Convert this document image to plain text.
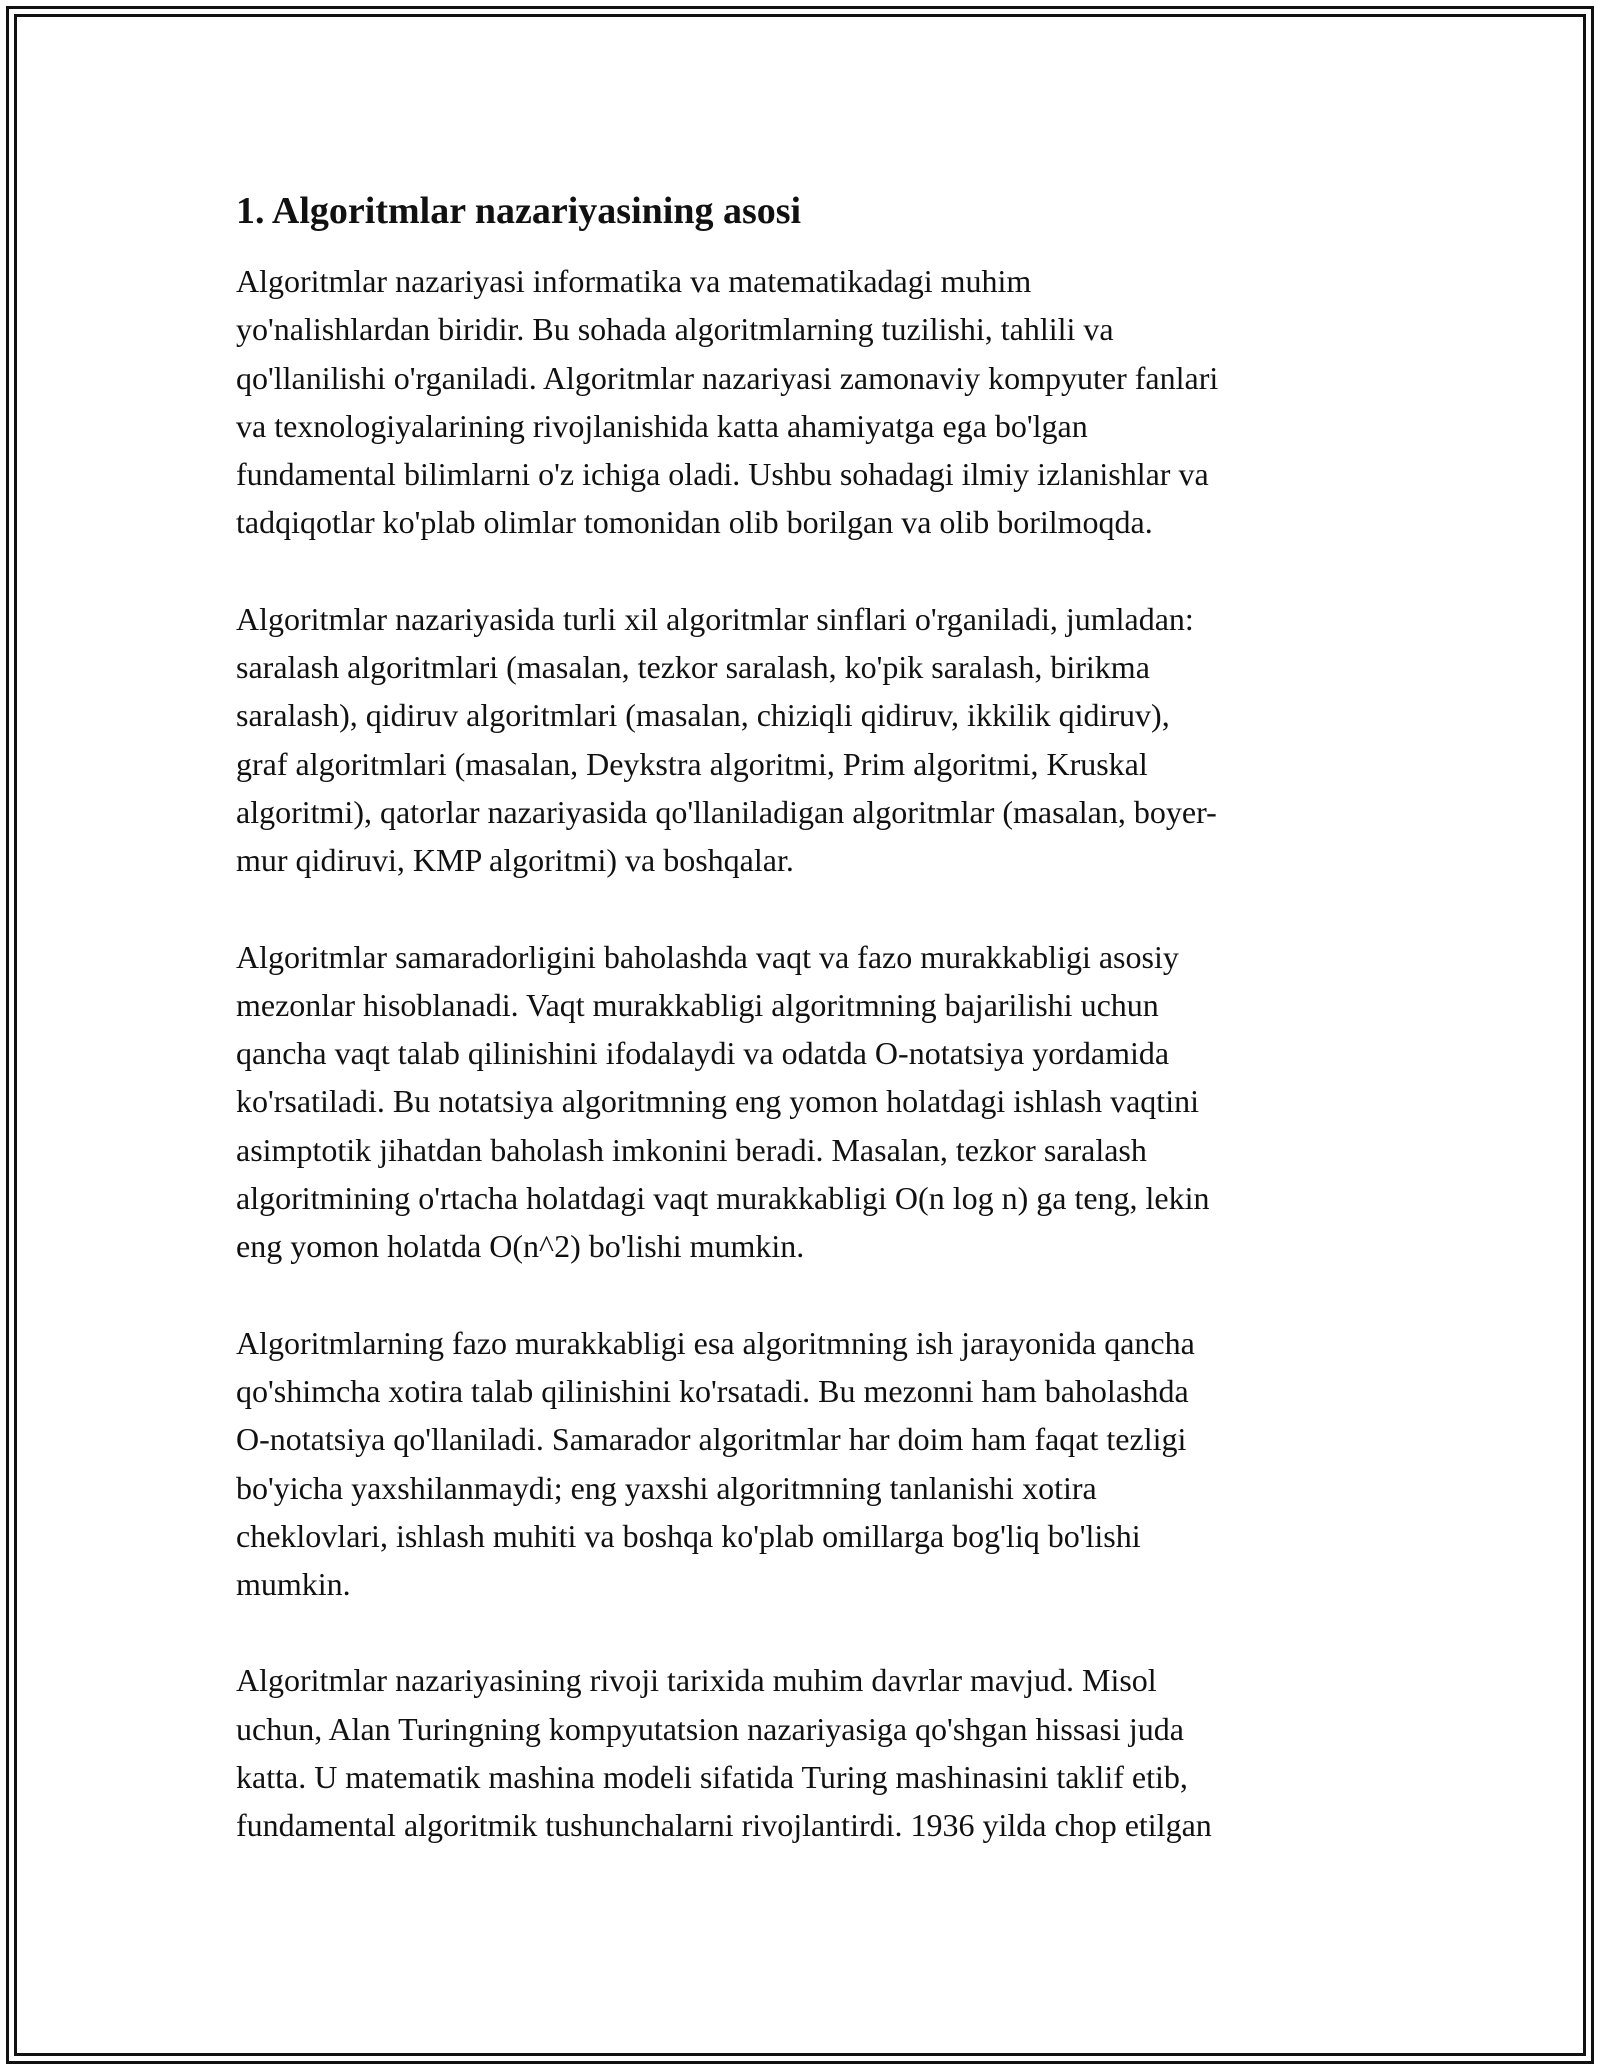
1. Algoritmlar nazariyasining asosi

Algoritmlar nazariyasi informatika va matematikadagi muhim
yo'nalishlardan biridir. Bu sohada algoritmlarning tuzilishi, tahlili va
qo'llanilishi o'rganiladi. Algoritmlar nazariyasi zamonaviy kompyuter fanlari
va texnologiyalarining rivojlanishida katta ahamiyatga ega bo'lgan
fundamental bilimlarni o'z ichiga oladi. Ushbu sohadagi ilmiy izlanishlar va
tadqiqotlar ko'plab olimlar tomonidan olib borilgan va olib borilmoqda.

Algoritmlar nazariyasida turli xil algoritmlar sinflari o'rganiladi, jumladan:
saralash algoritmlari (masalan, tezkor saralash, ko'pik saralash, birikma
saralash), qidiruv algoritmlari (masalan, chiziqli qidiruv, ikkilik qidiruv),
graf algoritmlari (masalan, Deykstra algoritmi, Prim algoritmi, Kruskal
algoritmi), qatorlar nazariyasida qo'llaniladigan algoritmlar (masalan, boyer-
mur qidiruvi, KMP algoritmi) va boshqalar.

Algoritmlar samaradorligini baholashda vaqt va fazo murakkabligi asosiy
mezonlar hisoblanadi. Vaqt murakkabligi algoritmning bajarilishi uchun
qancha vaqt talab qilinishini ifodalaydi va odatda O-notatsiya yordamida
ko'rsatiladi. Bu notatsiya algoritmning eng yomon holatdagi ishlash vaqtini
asimptotik jihatdan baholash imkonini beradi. Masalan, tezkor saralash
algoritmining o'rtacha holatdagi vaqt murakkabligi O(n log n) ga teng, lekin
eng yomon holatda O(n^2) bo'lishi mumkin.

Algoritmlarning fazo murakkabligi esa algoritmning ish jarayonida qancha
qo'shimcha xotira talab qilinishini ko'rsatadi. Bu mezonni ham baholashda
O-notatsiya qo'llaniladi. Samarador algoritmlar har doim ham faqat tezligi
bo'yicha yaxshilanmaydi; eng yaxshi algoritmning tanlanishi xotira
cheklovlari, ishlash muhiti va boshqa ko'plab omillarga bog'liq bo'lishi
mumkin.

Algoritmlar nazariyasining rivoji tarixida muhim davrlar mavjud. Misol
uchun, Alan Turingning kompyutatsion nazariyasiga qo'shgan hissasi juda
katta. U matematik mashina modeli sifatida Turing mashinasini taklif etib,
fundamental algoritmik tushunchalarni rivojlantirdi. 1936 yilda chop etilgan
